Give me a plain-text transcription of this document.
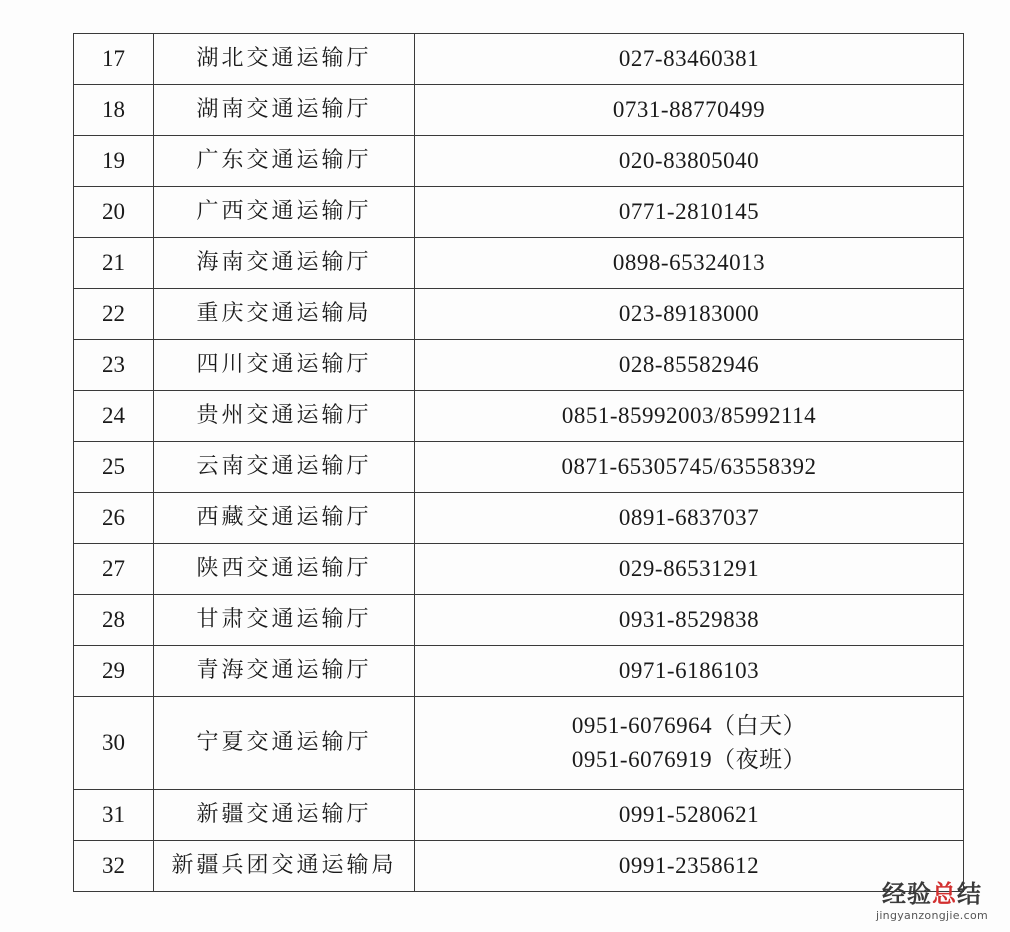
17	湖北交通运输厅	027-83460381

18	湖南交通运输厅	0731-88770499

19	广东交通运输厅	020-83805040

20	广西交通运输厅	0771-2810145

21	海南交通运输厅	0898-65324013

22	重庆交通运输局	023-89183000

23	四川交通运输厅	028-85582946

24	贵州交通运输厅	0851-85992003/85992114

25	云南交通运输厅	0871-65305745/63558392

26	西藏交通运输厅	0891-6837037

27	陕西交通运输厅	029-86531291

28	甘肃交通运输厅	0931-8529838

29	青海交通运输厅	0971-6186103

30	宁夏交通运输厅	0951-6076964（白天）
0951-6076919（夜班）

31	新疆交通运输厅	0991-5280621

32	新疆兵团交通运输局	0991-2358612
经验总结
jingyanzongjie.com
